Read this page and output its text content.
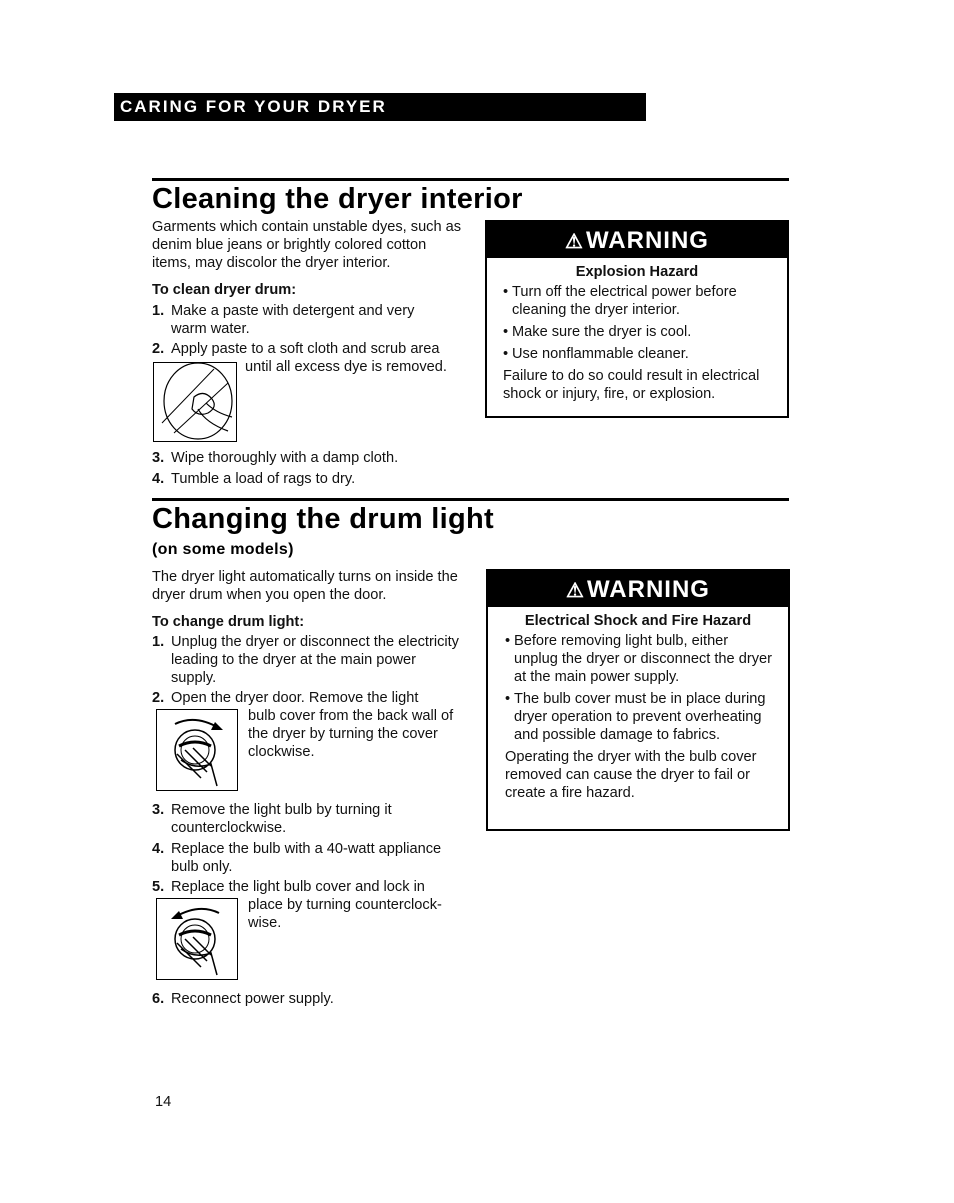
CARING FOR YOUR DRYER
Cleaning the dryer interior
Garments which contain unstable dyes, such as denim blue jeans or brightly colored cotton items, may discolor the dryer interior.
To clean dryer drum:
1. Make a paste with detergent and very warm water.
2. Apply paste to a soft cloth and scrub area
until all excess dye is removed.
3. Wipe thoroughly with a damp cloth.
4. Tumble a load of rags to dry.
⚠WARNING
Explosion Hazard
• Turn off the electrical power before cleaning the dryer interior.
• Make sure the dryer is cool.
• Use nonflammable cleaner.
Failure to do so could result in electrical shock or injury, fire, or explosion.
Changing the drum light
(on some models)
The dryer light automatically turns on inside the dryer drum when you open the door.
To change drum light:
1. Unplug the dryer or disconnect the electricity leading to the dryer at the main power supply.
2. Open the dryer door. Remove the light
bulb cover from the back wall of the dryer by turning the cover clockwise.
3. Remove the light bulb by turning it counterclockwise.
4. Replace the bulb with a 40-watt appliance bulb only.
5. Replace the light bulb cover and lock in
place by turning counterclock-wise.
6. Reconnect power supply.
⚠WARNING
Electrical Shock and Fire Hazard
• Before removing light bulb, either unplug the dryer or disconnect the dryer at the main power supply.
• The bulb cover must be in place during dryer operation to prevent overheating and possible damage to fabrics.
Operating the dryer with the bulb cover removed can cause the dryer to fail or create a fire hazard.
14
